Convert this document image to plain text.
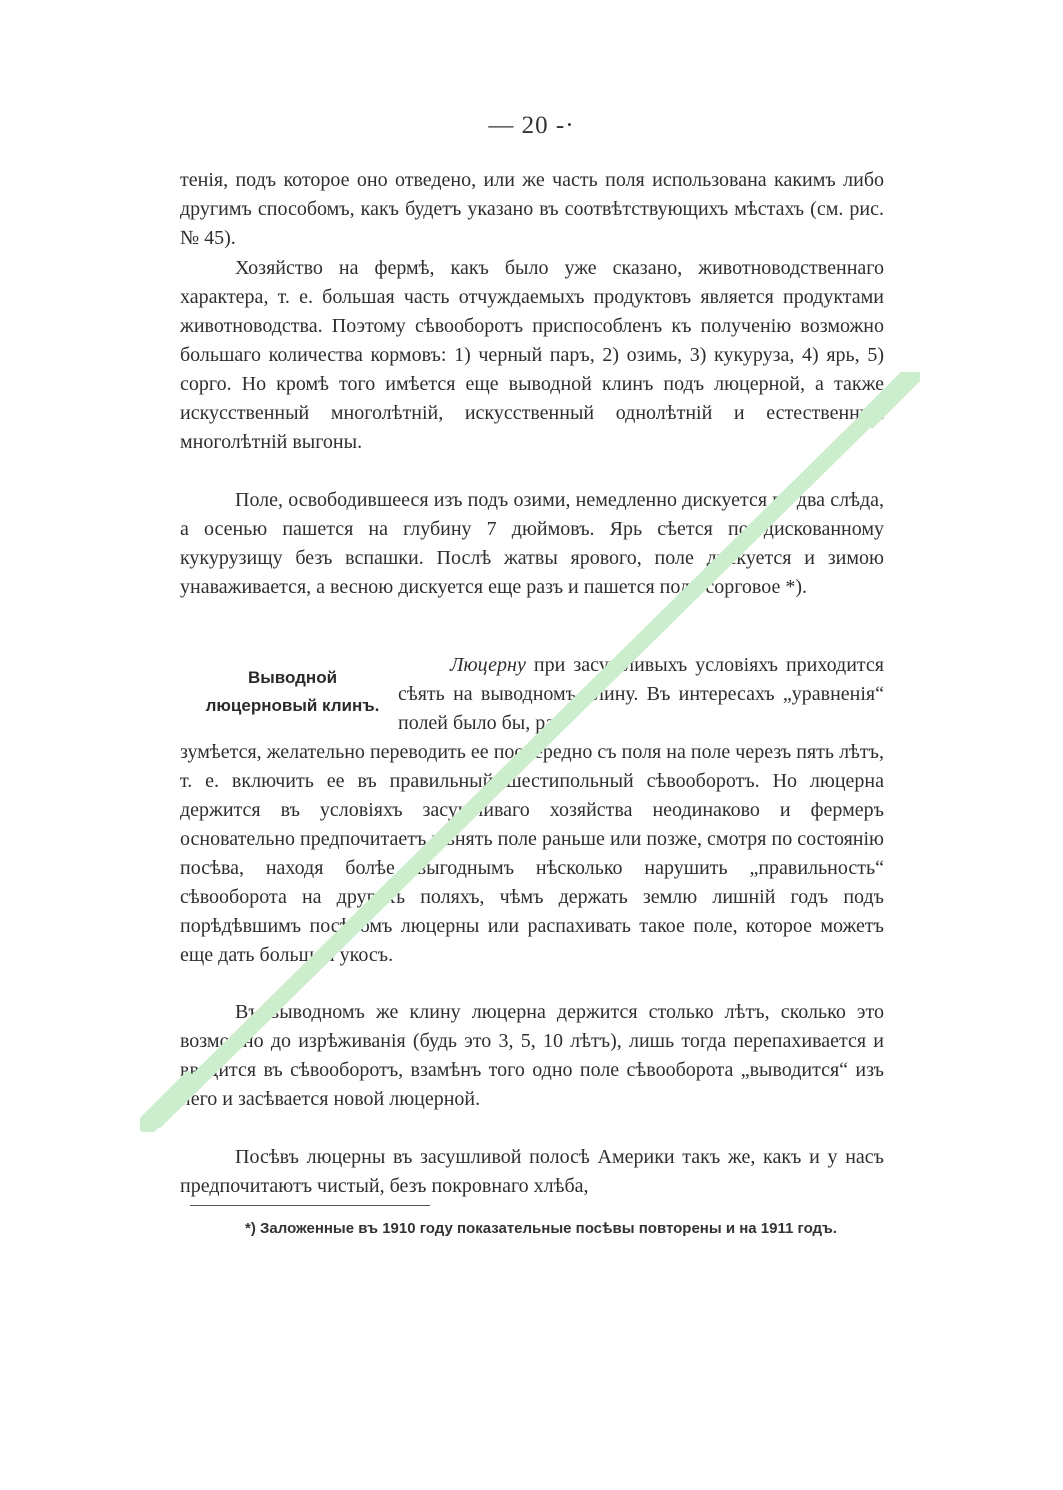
— 20 -·

тенія, подъ которое оно отведено, или же часть поля использована какимъ либо другимъ способомъ, какъ будетъ указано въ соотвѣтствующихъ мѣстахъ (см. рис. № 45).

Хозяйство на фермѣ, какъ было уже сказано, животноводственнаго характера, т. е. большая часть отчуждаемыхъ продуктовъ является продуктами животноводства. Поэтому сѣвооборотъ приспособленъ къ полученію возможно большаго количества кормовъ: 1) черный паръ, 2) озимь, 3) кукуруза, 4) ярь, 5) сорго. Но кромѣ того имѣется еще выводной клинъ подъ люцерной, а также искусственный многолѣтній, искусственный однолѣтній и естественный многолѣтній выгоны.

Поле, освободившееся изъ подъ озими, немедленно дискуется въ два слѣда, а осенью пашется на глубину 7 дюймовъ. Ярь сѣется по дискованному кукурузищу безъ вспашки. Послѣ жатвы ярового, поле дискуется и зимою унаваживается, а весною дискуется еще разъ и пашется подъ сорговое *).

Выводной люцерновый клинъ.
Люцерну при засушливыхъ условіяхъ приходится сѣять на выводномъ клину. Въ интересахъ „уравненія“ полей было бы, ра-

зумѣется, желательно переводить ее поочередно съ поля на поле черезъ пять лѣтъ, т. е. включить ее въ правильный шестипольный сѣвооборотъ. Но люцерна держится въ условіяхъ засушливаго хозяйства неодинаково и фермеръ основательно предпочитаетъ мѣнять поле раньше или позже, смотря по состоянію посѣва, находя болѣе выгоднымъ нѣсколько нарушить „правильность“ сѣвооборота на другихъ поляхъ, чѣмъ держать землю лишній годъ подъ порѣдѣвшимъ посѣвомъ люцерны или распахивать такое поле, которое можетъ еще дать большой укосъ.

Въ выводномъ же клину люцерна держится столько лѣтъ, сколько это возможно до изрѣживанія (будь это 3, 5, 10 лѣтъ), лишь тогда перепахивается и вводится въ сѣвооборотъ, взамѣнъ того одно поле сѣвооборота „выводится“ изъ него и засѣвается новой люцерной.

Посѣвъ люцерны въ засушливой полосѣ Америки такъ же, какъ и у насъ предпочитаютъ чистый, безъ покровнаго хлѣба,

*) Заложенные въ 1910 году показательные посѣвы повторены и на 1911 годъ.
